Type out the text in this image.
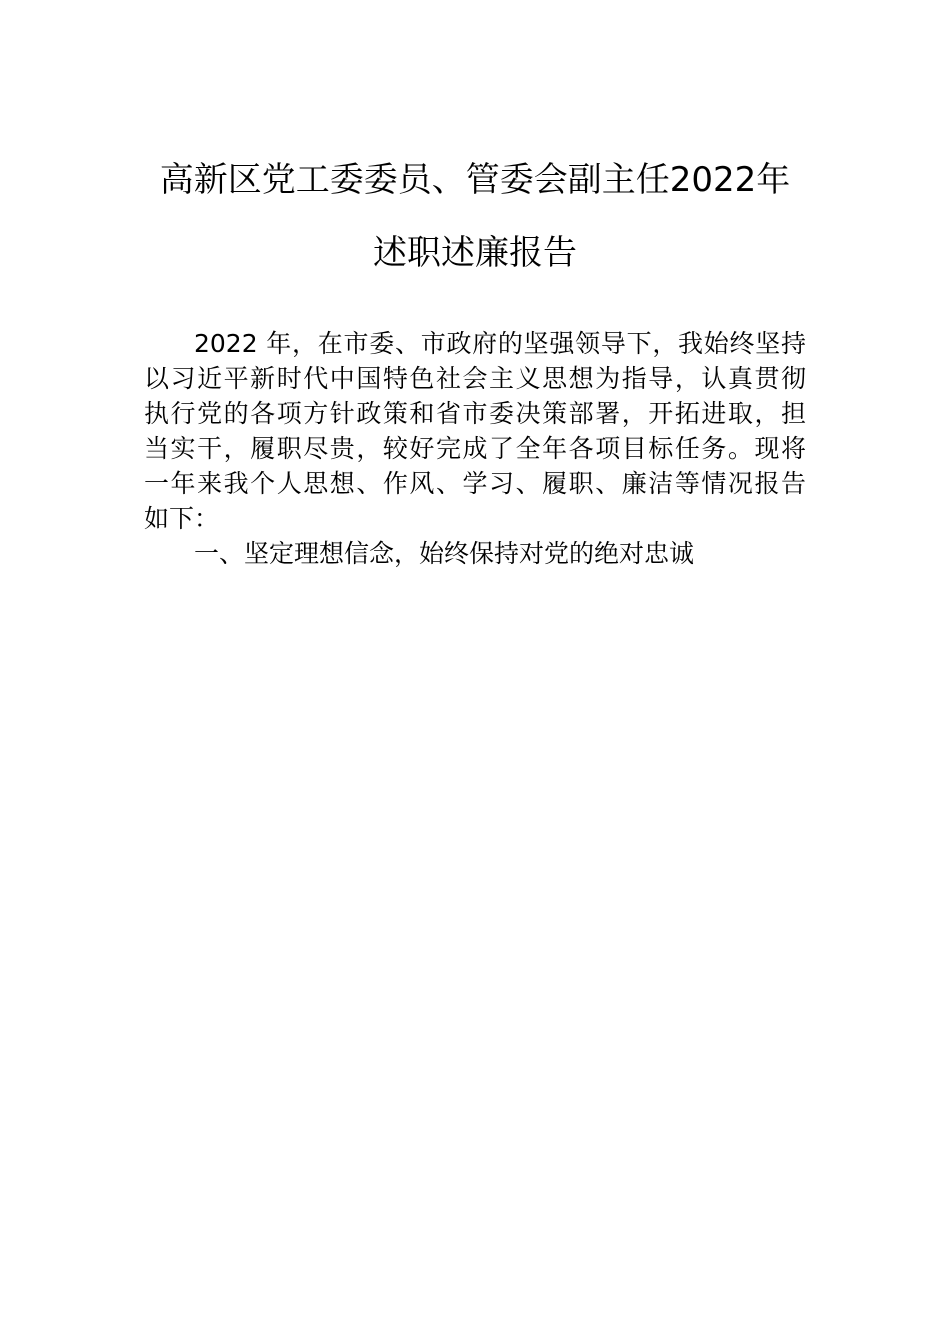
高新区党工委委员、管委会副主任2022年
述职述廉报告
2022 年，在市委、市政府的坚强领导下，我始终坚持
以习近平新时代中国特色社会主义思想为指导，认真贯彻
执行党的各项方针政策和省市委决策部署，开拓进取，担
当实干，履职尽贵，较好完成了全年各项目标任务。现将
一年来我个人思想、作风、学习、履职、廉洁等情况报告
如下：
一、坚定理想信念，始终保持对党的绝对忠诚
